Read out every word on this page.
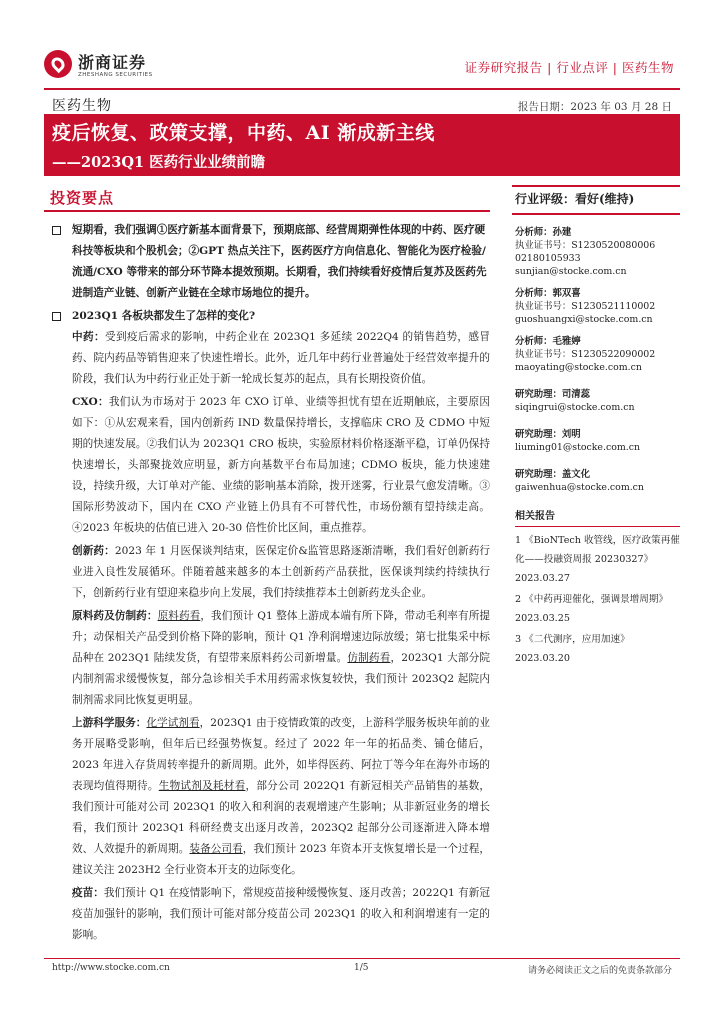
浙商证券
ZHESHANG SECURITIES	证券研究报告 | 行业点评 | 医药生物
医药生物	报告日期：2023 年 03 月 28 日
疫后恢复、政策支撑，中药、AI 渐成新主线
——2023Q1 医药行业业绩前瞻
投资要点
短期看，我们强调①医疗新基本面背景下，预期底部、经营周期弹性体现的中药、医疗硬科技等板块和个股机会；②GPT 热点关注下，医药医疗方向信息化、智能化为医疗检验/流通/CXO 等带来的部分环节降本提效预期。长期看，我们持续看好疫情后复苏及医药先进制造产业链、创新产业链在全球市场地位的提升。
2023Q1 各板块都发生了怎样的变化?

中药：受到疫后需求的影响，中药企业在 2023Q1 多延续 2022Q4 的销售趋势，感冒药、院内药品等销售迎来了快速性增长。此外，近几年中药行业普遍处于经营效率提升的阶段，我们认为中药行业正处于新一轮成长复苏的起点，具有长期投资价值。

CXO：我们认为市场对于 2023 年 CXO 订单、业绩等担忧有望在近期触底，主要原因如下：①从宏观来看，国内创新药 IND 数量保持增长，支撑临床 CRO 及 CDMO 中短期的快速发展。②我们认为 2023Q1 CRO 板块，实验原材料价格逐渐平稳，订单仍保持快速增长，头部聚拢效应明显，新方向基数平台布局加速；CDMO 板块，能力快速建设，持续升级，大订单对产能、业绩的影响基本消除，拨开迷雾，行业景气愈发清晰。③国际形势波动下，国内在 CXO 产业链上仍具有不可替代性，市场份额有望持续走高。④2023 年板块的估值已进入 20-30 倍性价比区间，重点推荐。

创新药：2023 年 1 月医保谈判结束，医保定价&监管思路逐渐清晰，我们看好创新药行业进入良性发展循环。伴随着越来越多的本土创新药产品获批，医保谈判续约持续执行下，创新药行业有望迎来稳步向上发展，我们持续推荐本土创新药龙头企业。

原料药及仿制药：原料药看，我们预计 Q1 整体上游成本端有所下降，带动毛利率有所提升；动保相关产品受到价格下降的影响，预计 Q1 净利润增速边际放缓；第七批集采中标品种在 2023Q1 陆续发货，有望带来原料药公司新增量。仿制药看，2023Q1 大部分院内制剂需求缓慢恢复，部分急诊相关手术用药需求恢复较快，我们预计 2023Q2 起院内制剂需求同比恢复更明显。

上游科学服务：化学试剂看，2023Q1 由于疫情政策的改变，上游科学服务板块年前的业务开展略受影响，但年后已经强势恢复。经过了 2022 年一年的拓品类、铺仓储后，2023 年进入存货周转率提升的新周期。此外，如毕得医药、阿拉丁等今年在海外市场的表现均值得期待。生物试剂及耗材看，部分公司 2022Q1 有新冠相关产品销售的基数，我们预计可能对公司 2023Q1 的收入和利润的表观增速产生影响；从非新冠业务的增长看，我们预计 2023Q1 科研经费支出逐月改善，2023Q2 起部分公司逐渐进入降本增效、人效提升的新周期。装备公司看，我们预计 2023 年资本开支恢复增长是一个过程，建议关注 2023H2 全行业资本开支的边际变化。

疫苗：我们预计 Q1 在疫情影响下，常规疫苗接种缓慢恢复、逐月改善；2022Q1 有新冠疫苗加强针的影响，我们预计可能对部分疫苗公司 2023Q1 的收入和利润增速有一定的影响。

行业评级：看好(维持)
分析师：孙建
执业证书号：S1230520080006
02180105933
sunjian@stocke.com.cn
分析师：郭双喜
执业证书号：S1230521110002
guoshuangxi@stocke.com.cn
分析师：毛雅婷
执业证书号：S1230522090002
maoyating@stocke.com.cn
研究助理：司清蕊
siqingrui@stocke.com.cn
研究助理：刘明
liuming01@stocke.com.cn
研究助理：盖文化
gaiwenhua@stocke.com.cn
相关报告
1 《BioNTech 收管线，医疗政策再催化——投融资周报 20230327》 2023.03.27
2 《中药再迎催化，强调景增周期》 2023.03.25
3 《二代测序，应用加速》 2023.03.20
http://www.stocke.com.cn	1/5	请务必阅读正文之后的免责条款部分
